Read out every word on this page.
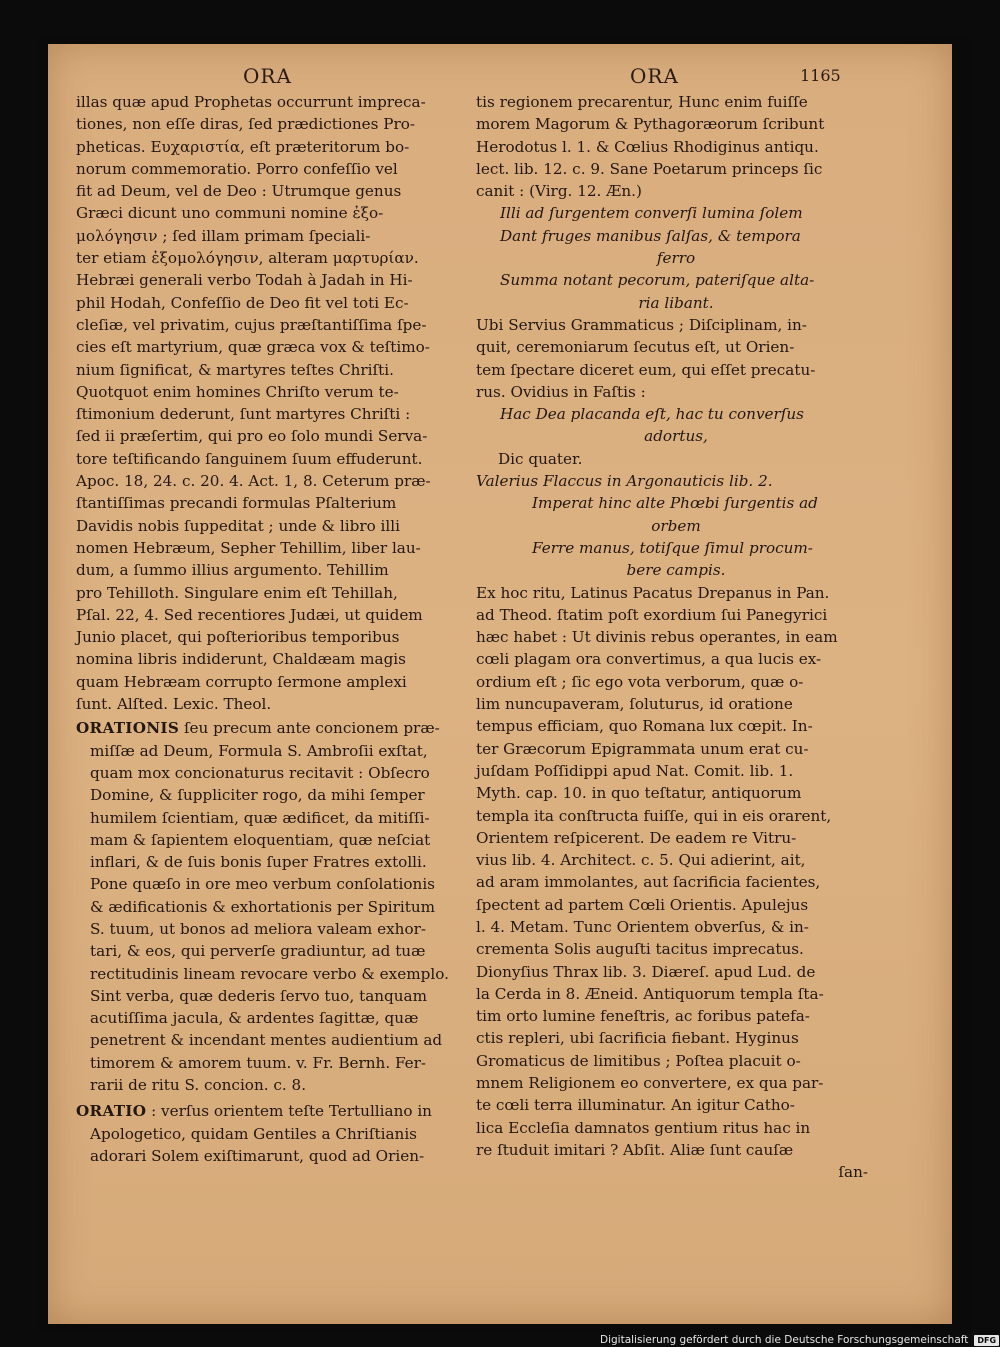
ORA	ORA	1165

illas quæ apud Prophetas occurrunt impreca-

tiones, non eſſe diras, ſed prædictiones Pro-

pheticas. Ευχαριστία, eſt præteritorum bo-

norum commemoratio. Porro confeſſio vel

fit ad Deum, vel de Deo : Utrumque genus

Græci dicunt uno communi nomine ἐξο-

μολόγησιν ; ſed illam primam ſpeciali-

ter etiam ἐξομολόγησιν, alteram μαρτυρίαν.

Hebræi generali verbo Todah à Jadah in Hi-

phil Hodah, Confeſſio de Deo fit vel toti Ec-

cleſiæ, vel privatim, cujus præſtantiſſima ſpe-

cies eſt martyrium, quæ græca vox & teſtimo-

nium ſignificat, & martyres teſtes Chriſti.

Quotquot enim homines Chriſto verum te-

ſtimonium dederunt, ſunt martyres Chriſti :

ſed ii præſertim, qui pro eo ſolo mundi Serva-

tore teſtificando ſanguinem ſuum effuderunt.

Apoc. 18, 24. c. 20. 4. Act. 1, 8. Ceterum præ-

ſtantiſſimas precandi formulas Pſalterium

Davidis nobis ſuppeditat ; unde & libro illi

nomen Hebræum, Sepher Tehillim, liber lau-

dum, a ſummo illius argumento. Tehillim

pro Tehilloth. Singulare enim eſt Tehillah,

Pſal. 22, 4. Sed recentiores Judæi, ut quidem

Junio placet, qui poſterioribus temporibus

nomina libris indiderunt, Chaldæam magis

quam Hebræam corrupto ſermone amplexi

ſunt. Alſted. Lexic. Theol.

ORATIONIS ſeu precum ante concionem præ-
miſſæ ad Deum, Formula S. Ambroſii exſtat,
quam mox concionaturus recitavit : Obſecro
Domine, & ſuppliciter rogo, da mihi ſemper
humilem ſcientiam, quæ ædificet, da mitiſſi-
mam & ſapientem eloquentiam, quæ neſciat
inflari, & de ſuis bonis ſuper Fratres extolli.
Pone quæſo in ore meo verbum conſolationis
& ædificationis & exhortationis per Spiritum
S. tuum, ut bonos ad meliora valeam exhor-
tari, & eos, qui perverſe gradiuntur, ad tuæ
rectitudinis lineam revocare verbo & exemplo.
Sint verba, quæ dederis ſervo tuo, tanquam
acutiſſima jacula, & ardentes ſagittæ, quæ
penetrent & incendant mentes audientium ad
timorem & amorem tuum. v. Fr. Bernh. Fer-
rarii de ritu S. concion. c. 8.

ORATIO : verſus orientem teſte Tertulliano in
Apologetico, quidam Gentiles a Chriſtianis
adorari Solem exiſtimarunt, quod ad Orien-

tis regionem precarentur, Hunc enim fuiſſe

morem Magorum & Pythagoræorum ſcribunt

Herodotus l. 1. & Cœlius Rhodiginus antiqu.

lect. lib. 12. c. 9. Sane Poetarum princeps ſic

canit : (Virg. 12. Æn.)

Illi ad ſurgentem converſi lumina ſolem

Dant fruges manibus ſalſas, & tempora

ferro

Summa notant pecorum, pateriſque alta-

ria libant.

Ubi Servius Grammaticus ; Diſciplinam, in-

quit, ceremoniarum ſecutus eſt, ut Orien-

tem ſpectare diceret eum, qui eſſet precatu-

rus. Ovidius in Faſtis :

Hac Dea placanda eſt, hac tu converſus

adortus,

Dic quater.

Valerius Flaccus in Argonauticis lib. 2.

Imperat hinc alte Phœbi ſurgentis ad

orbem

Ferre manus, totiſque ſimul procum-

bere campis.

Ex hoc ritu, Latinus Pacatus Drepanus in Pan.

ad Theod. ſtatim poſt exordium ſui Panegyrici

hæc habet : Ut divinis rebus operantes, in eam

cœli plagam ora convertimus, a qua lucis ex-

ordium eſt ; ſic ego vota verborum, quæ o-

lim nuncupaveram, ſoluturus, id oratione

tempus efficiam, quo Romana lux cœpit. In-

ter Græcorum Epigrammata unum erat cu-

juſdam Poſſidippi apud Nat. Comit. lib. 1.

Myth. cap. 10. in quo teſtatur, antiquorum

templa ita conſtructa fuiſſe, qui in eis orarent,

Orientem reſpicerent. De eadem re Vitru-

vius lib. 4. Architect. c. 5. Qui adierint, ait,

ad aram immolantes, aut ſacrificia facientes,

ſpectent ad partem Cœli Orientis. Apulejus

l. 4. Metam. Tunc Orientem obverſus, & in-

crementa Solis auguſti tacitus imprecatus.

Dionyſius Thrax lib. 3. Diæreſ. apud Lud. de

la Cerda in 8. Æneid. Antiquorum templa ſta-

tim orto lumine feneſtris, ac foribus patefa-

ctis repleri, ubi ſacrificia fiebant. Hyginus

Gromaticus de limitibus ; Poſtea placuit o-

mnem Religionem eo convertere, ex qua par-

te cœli terra illuminatur. An igitur Catho-

lica Eccleſia damnatos gentium ritus hac in

re ſtuduit imitari ? Abſit. Aliæ ſunt cauſæ

ſan-

Digitalisierung gefördert durch die Deutsche Forschungsgemeinschaft	DFG
